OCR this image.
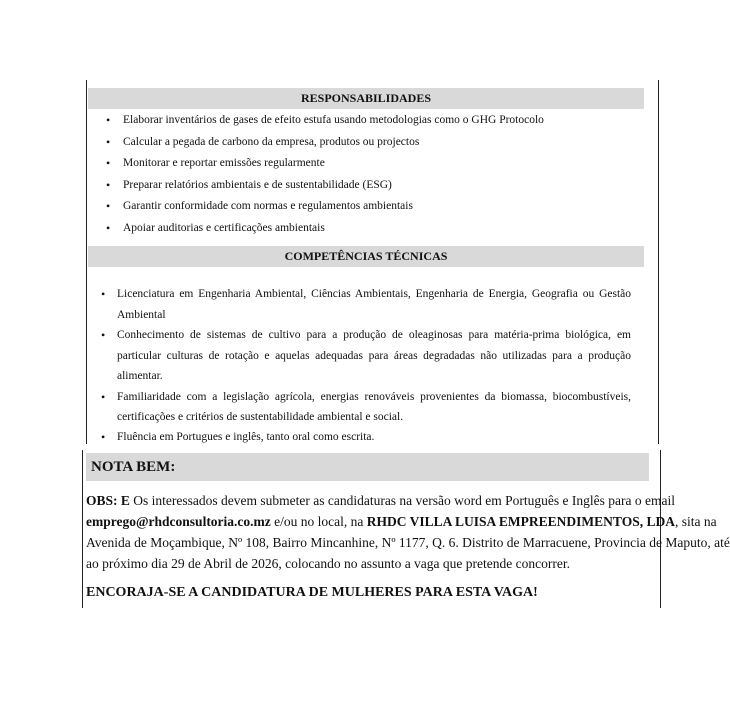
RESPONSABILIDADES
• Elaborar inventários de gases de efeito estufa usando metodologias como o GHG Protocolo
• Calcular a pegada de carbono da empresa, produtos ou projectos
• Monitorar e reportar emissões regularmente
• Preparar relatórios ambientais e de sustentabilidade (ESG)
• Garantir conformidade com normas e regulamentos ambientais
• Apoiar auditorias e certificações ambientais
COMPETÊNCIAS TÉCNICAS
• Licenciatura em Engenharia Ambiental, Ciências Ambientais, Engenharia de Energia, Geografia ou Gestão Ambiental
• Conhecimento de sistemas de cultivo para a produção de oleaginosas para matéria-prima biológica, em particular culturas de rotação e aquelas adequadas para áreas degradadas não utilizadas para a produção alimentar.
• Familiaridade com a legislação agrícola, energias renováveis provenientes da biomassa, biocombustíveis, certificações e critérios de sustentabilidade ambiental e social.
• Fluência em Portugues e inglês, tanto oral como escrita.
NOTA BEM:
OBS: E Os interessados devem submeter as candidaturas na versão word em Português e Inglês para o email
emprego@rhdconsultoria.co.mz e/ou no local, na RHDC VILLA LUISA EMPREENDIMENTOS, LDA, sita na
Avenida de Moçambique, Nº 108, Bairro Mincanhine, Nº 1177, Q. 6. Distrito de Marracuene, Provincia de Maputo, até
ao próximo dia 29 de Abril de 2026, colocando no assunto a vaga que pretende concorrer.
ENCORAJA-SE A CANDIDATURA DE MULHERES PARA ESTA VAGA!
